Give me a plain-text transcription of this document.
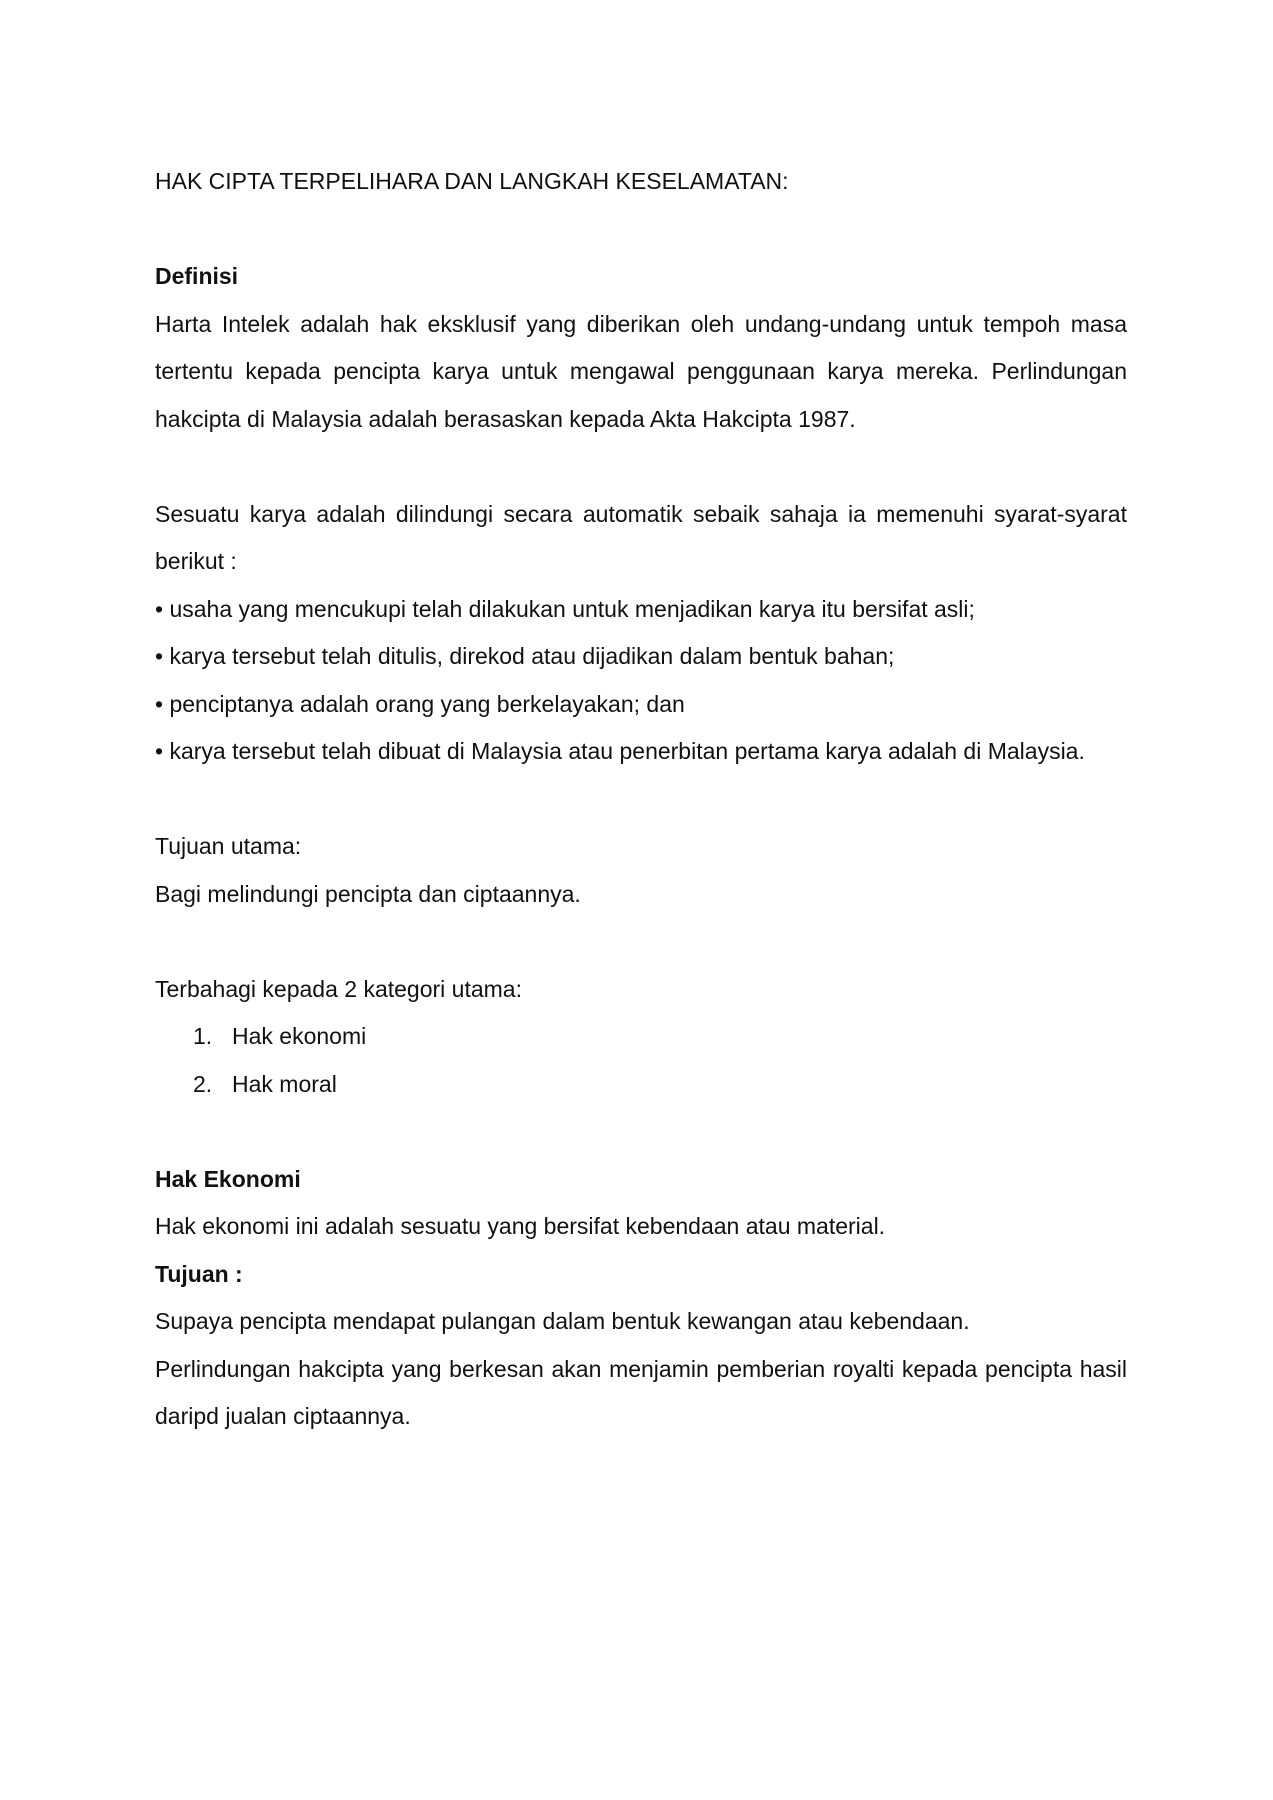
HAK CIPTA TERPELIHARA DAN LANGKAH KESELAMATAN:

Definisi

Harta Intelek adalah hak eksklusif yang diberikan oleh undang-undang untuk tempoh masa tertentu kepada pencipta karya untuk mengawal penggunaan karya mereka. Perlindungan hakcipta di Malaysia adalah berasaskan kepada Akta Hakcipta 1987.

Sesuatu karya adalah dilindungi secara automatik sebaik sahaja ia memenuhi syarat-syarat berikut :

• usaha yang mencukupi telah dilakukan untuk menjadikan karya itu bersifat asli;

• karya tersebut telah ditulis, direkod atau dijadikan dalam bentuk bahan;

• penciptanya adalah orang yang berkelayakan; dan

• karya tersebut telah dibuat di Malaysia atau penerbitan pertama karya adalah di Malaysia.

Tujuan utama:

Bagi melindungi pencipta dan ciptaannya.

Terbahagi kepada 2 kategori utama:

1. Hak ekonomi
2. Hak moral

Hak Ekonomi

Hak ekonomi ini adalah sesuatu yang bersifat kebendaan atau material.

Tujuan :

Supaya pencipta mendapat pulangan dalam bentuk kewangan atau kebendaan.

Perlindungan hakcipta yang berkesan akan menjamin pemberian royalti kepada pencipta hasil daripd jualan ciptaannya.
